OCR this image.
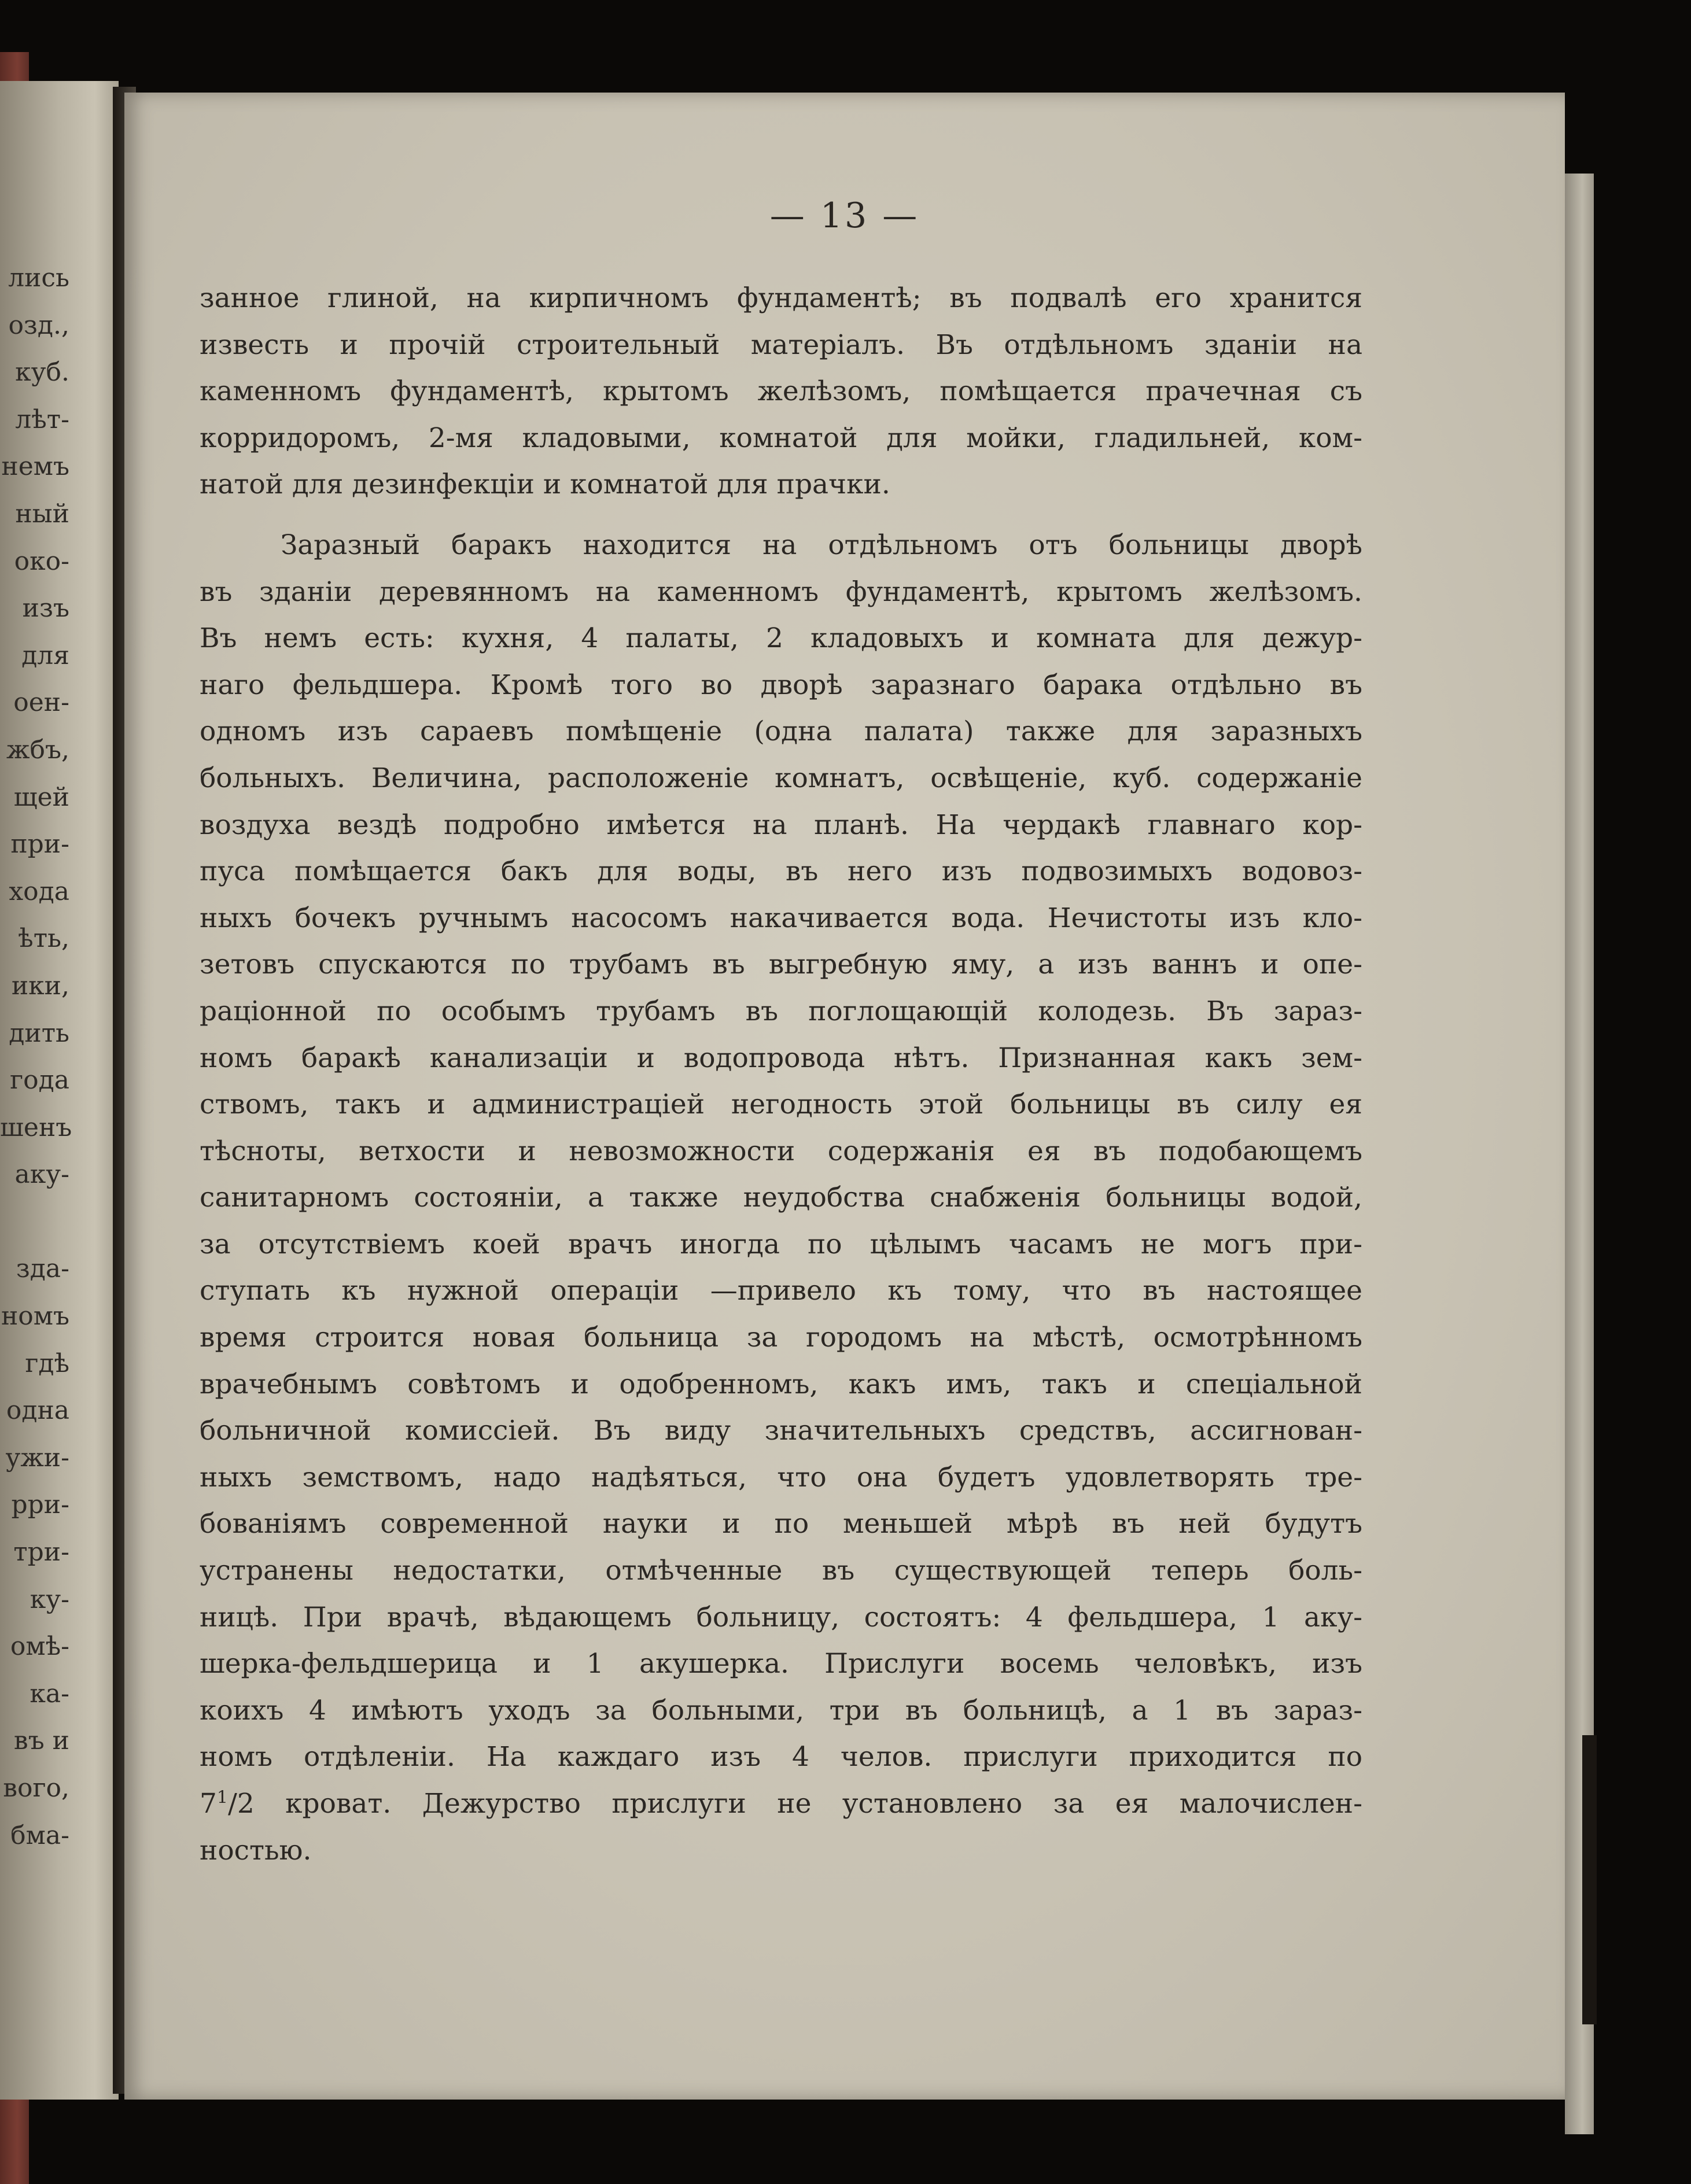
лись
озд.,
куб.
лѣт-
немъ
ный
око-
изъ
для
оен-
жбъ,
щей
при-
хода
ѣть,
ики,
дить
года
шенъ
аку-
зда-
номъ
гдѣ
одна
ужи-
рри-
три-
ку-
омѣ-
ка-
въ и
вого,
бма-
— 13 —
занное глиной, на кирпичномъ фундаментѣ; въ подвалѣ его хранится
известь и прочій строительный матеріалъ. Въ отдѣльномъ зданіи на
каменномъ фундаментѣ, крытомъ желѣзомъ, помѣщается прачечная съ
корридоромъ, 2-мя кладовыми, комнатой для мойки, гладильней, ком-
натой для дезинфекціи и комнатой для прачки.
Заразный баракъ находится на отдѣльномъ отъ больницы дворѣ
въ зданіи деревянномъ на каменномъ фундаментѣ, крытомъ желѣзомъ.
Въ немъ есть: кухня, 4 палаты, 2 кладовыхъ и комната для дежур-
наго фельдшера. Кромѣ того во дворѣ заразнаго барака отдѣльно въ
одномъ изъ сараевъ помѣщеніе (одна палата) также для заразныхъ
больныхъ. Величина, расположеніе комнатъ, освѣщеніе, куб. содержаніе
воздуха вездѣ подробно имѣется на планѣ. На чердакѣ главнаго кор-
пуса помѣщается бакъ для воды, въ него изъ подвозимыхъ водовоз-
ныхъ бочекъ ручнымъ насосомъ накачивается вода. Нечистоты изъ кло-
зетовъ спускаются по трубамъ въ выгребную яму, а изъ ваннъ и опе-
раціонной по особымъ трубамъ въ поглощающій колодезь. Въ зараз-
номъ баракѣ канализаціи и водопровода нѣтъ. Признанная какъ зем-
ствомъ, такъ и администраціей негодность этой больницы въ силу ея
тѣсноты, ветхости и невозможности содержанія ея въ подобающемъ
санитарномъ состояніи, а также неудобства снабженія больницы водой,
за отсутствіемъ коей врачъ иногда по цѣлымъ часамъ не могъ при-
ступать къ нужной операціи —привело къ тому, что въ настоящее
время строится новая больница за городомъ на мѣстѣ, осмотрѣнномъ
врачебнымъ совѣтомъ и одобренномъ, какъ имъ, такъ и спеціальной
больничной комиссіей. Въ виду значительныхъ средствъ, ассигнован-
ныхъ земствомъ, надо надѣяться, что она будетъ удовлетворять тре-
бованіямъ современной науки и по меньшей мѣрѣ въ ней будутъ
устранены недостатки, отмѣченные въ существующей теперь боль-
ницѣ. При врачѣ, вѣдающемъ больницу, состоятъ: 4 фельдшера, 1 аку-
шерка-фельдшерица и 1 акушерка. Прислуги восемь человѣкъ, изъ
коихъ 4 имѣютъ уходъ за больными, три въ больницѣ, а 1 въ зараз-
номъ отдѣленіи. На каждаго изъ 4 челов. прислуги приходится по
$7^1/2$ кроват. Дежурство прислуги не установлено за ея малочислен-
ностью.
